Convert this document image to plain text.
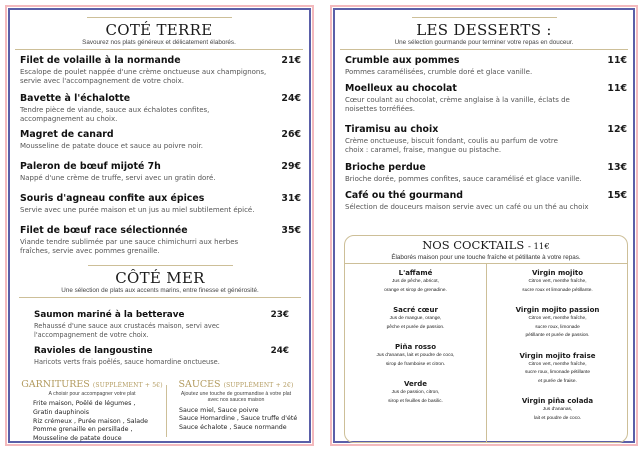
COTÉ TERRE
Savourez nos plats généreux et délicatement élaborés.
Filet de volaille à la normande	21€
Escalope de poulet nappée d'une crème onctueuse aux champignons, servie avec l'accompagnement de votre choix.
Bavette à l'échalotte	24€
Tendre pièce de viande, sauce aux échalotes confites, accompagnement au choix.
Magret de canard	26€
Mousseline de patate douce et sauce au poivre noir.
Paleron de bœuf mijoté 7h	29€
Nappé d'une crème de truffe, servi avec un gratin doré.
Souris d'agneau confite aux épices	31€
Servie avec une purée maison et un jus au miel subtilement épicé.
Filet de bœuf race sélectionnée	35€
Viande tendre sublimée par une sauce chimichurri aux herbes fraîches, servie avec pommes grenaille.
CÔTÉ MER
Une sélection de plats aux accents marins, entre finesse et générosité.
Saumon mariné à la betterave	23€
Rehaussé d'une sauce aux crustacés maison, servi avec l'accompagnement de votre choix.
Ravioles de langoustine	24€
Haricots verts frais poêlés, sauce homardine onctueuse.
GARNITURES (SUPPLÉMENT + 5€)
A choisir pour accompagner votre plat
Frite maison, Poêlé de légumes ,
Gratin dauphinois
Riz crémeux , Purée maison , Salade
Pomme grenaille en persillade ,
Mousseline de patate douce
SAUCES (SUPPLÉMENT + 2€)
Ajoutez une touche de gourmandise à votre plat avec nos sauces maison
Sauce miel, Sauce poivre
Sauce Homardine , Sauce truffe d'été
Sauce échalote , Sauce normande
LES DESSERTS :
Une sélection gourmande pour terminer votre repas en douceur.
Crumble aux pommes	11€
Pommes caramélisées, crumble doré et glace vanille.
Moelleux au chocolat	11€
Cœur coulant au chocolat, crème anglaise à la vanille, éclats de noisettes torréfiées.
Tiramisu au choix	12€
Crème onctueuse, biscuit fondant, coulis au parfum de votre choix : caramel, fraise, mangue ou pistache.
Brioche perdue	13€
Brioche dorée, pommes confites, sauce caramélisé et glace vanille.
Café ou thé gourmand	15€
Sélection de douceurs maison servie avec un café ou un thé au choix
NOS COCKTAILS - 11€
Élaborés maison pour une touche fraîche et pétillante à votre repas.
L'affamé
Jus de pêche, abricot,
orange et sirop de grenadine.
Sacré cœur
Jus de mangue, orange,
pêche et purée de passion.
Piña rosso
Jus d'ananas, lait et poudre de coco,
sirop de framboise et citron.
Verde
Jus de passion, citron,
sirop et feuilles de basilic.
Virgin mojito
Citron vert, menthe fraîche,
sucre roux et limonade pétillante.
Virgin mojito passion
Citron vert, menthe fraîche,
sucre roux, limonade
pétillante et purée de passion.
Virgin mojito fraise
Citron vert, menthe fraîche,
sucre roux, limonade pétillante
et purée de fraise.
Virgin piña colada
Jus d'ananas,
lait et poudre de coco.
